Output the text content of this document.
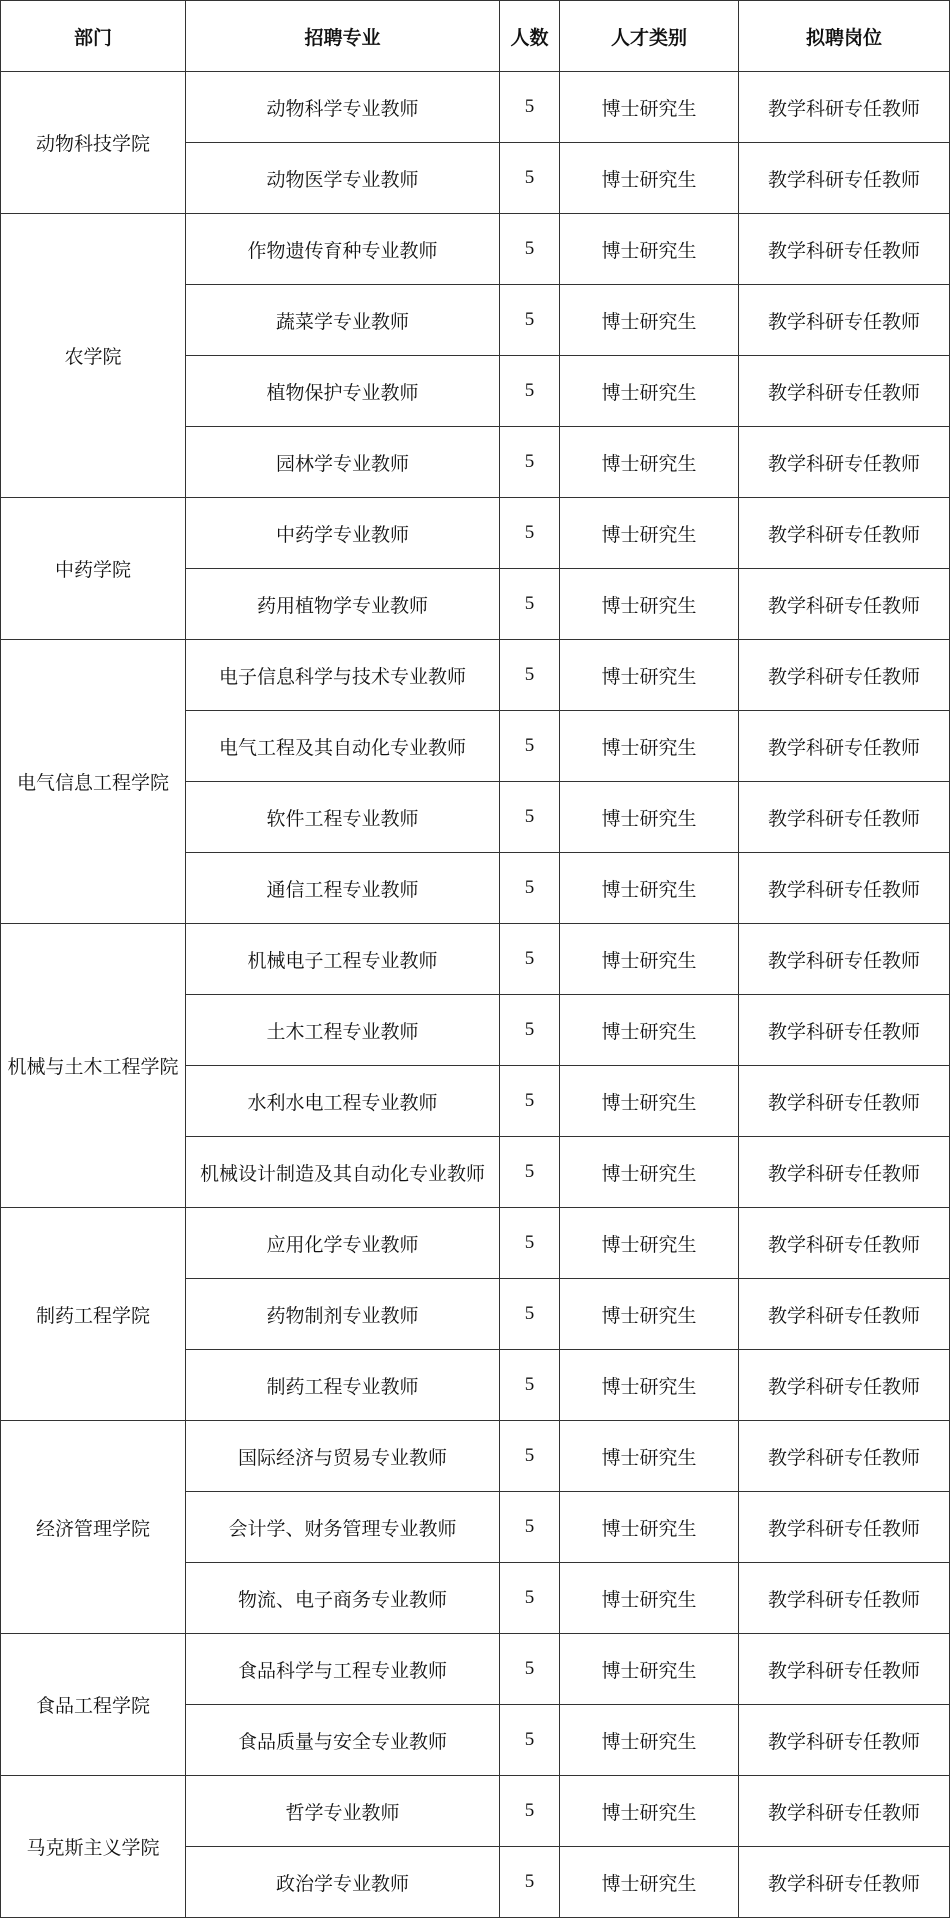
部门	招聘专业	人数	人才类别	拟聘岗位
动物科技学院	动物科学专业教师	5	博士研究生	教学科研专任教师
	动物医学专业教师	5	博士研究生	教学科研专任教师
农学院	作物遗传育种专业教师	5	博士研究生	教学科研专任教师
	蔬菜学专业教师	5	博士研究生	教学科研专任教师
	植物保护专业教师	5	博士研究生	教学科研专任教师
	园林学专业教师	5	博士研究生	教学科研专任教师
中药学院	中药学专业教师	5	博士研究生	教学科研专任教师
	药用植物学专业教师	5	博士研究生	教学科研专任教师
电气信息工程学院	电子信息科学与技术专业教师	5	博士研究生	教学科研专任教师
	电气工程及其自动化专业教师	5	博士研究生	教学科研专任教师
	软件工程专业教师	5	博士研究生	教学科研专任教师
	通信工程专业教师	5	博士研究生	教学科研专任教师
机械与土木工程学院	机械电子工程专业教师	5	博士研究生	教学科研专任教师
	土木工程专业教师	5	博士研究生	教学科研专任教师
	水利水电工程专业教师	5	博士研究生	教学科研专任教师
	机械设计制造及其自动化专业教师	5	博士研究生	教学科研专任教师
制药工程学院	应用化学专业教师	5	博士研究生	教学科研专任教师
	药物制剂专业教师	5	博士研究生	教学科研专任教师
	制药工程专业教师	5	博士研究生	教学科研专任教师
经济管理学院	国际经济与贸易专业教师	5	博士研究生	教学科研专任教师
	会计学、财务管理专业教师	5	博士研究生	教学科研专任教师
	物流、电子商务专业教师	5	博士研究生	教学科研专任教师
食品工程学院	食品科学与工程专业教师	5	博士研究生	教学科研专任教师
	食品质量与安全专业教师	5	博士研究生	教学科研专任教师
马克斯主义学院	哲学专业教师	5	博士研究生	教学科研专任教师
	政治学专业教师	5	博士研究生	教学科研专任教师
